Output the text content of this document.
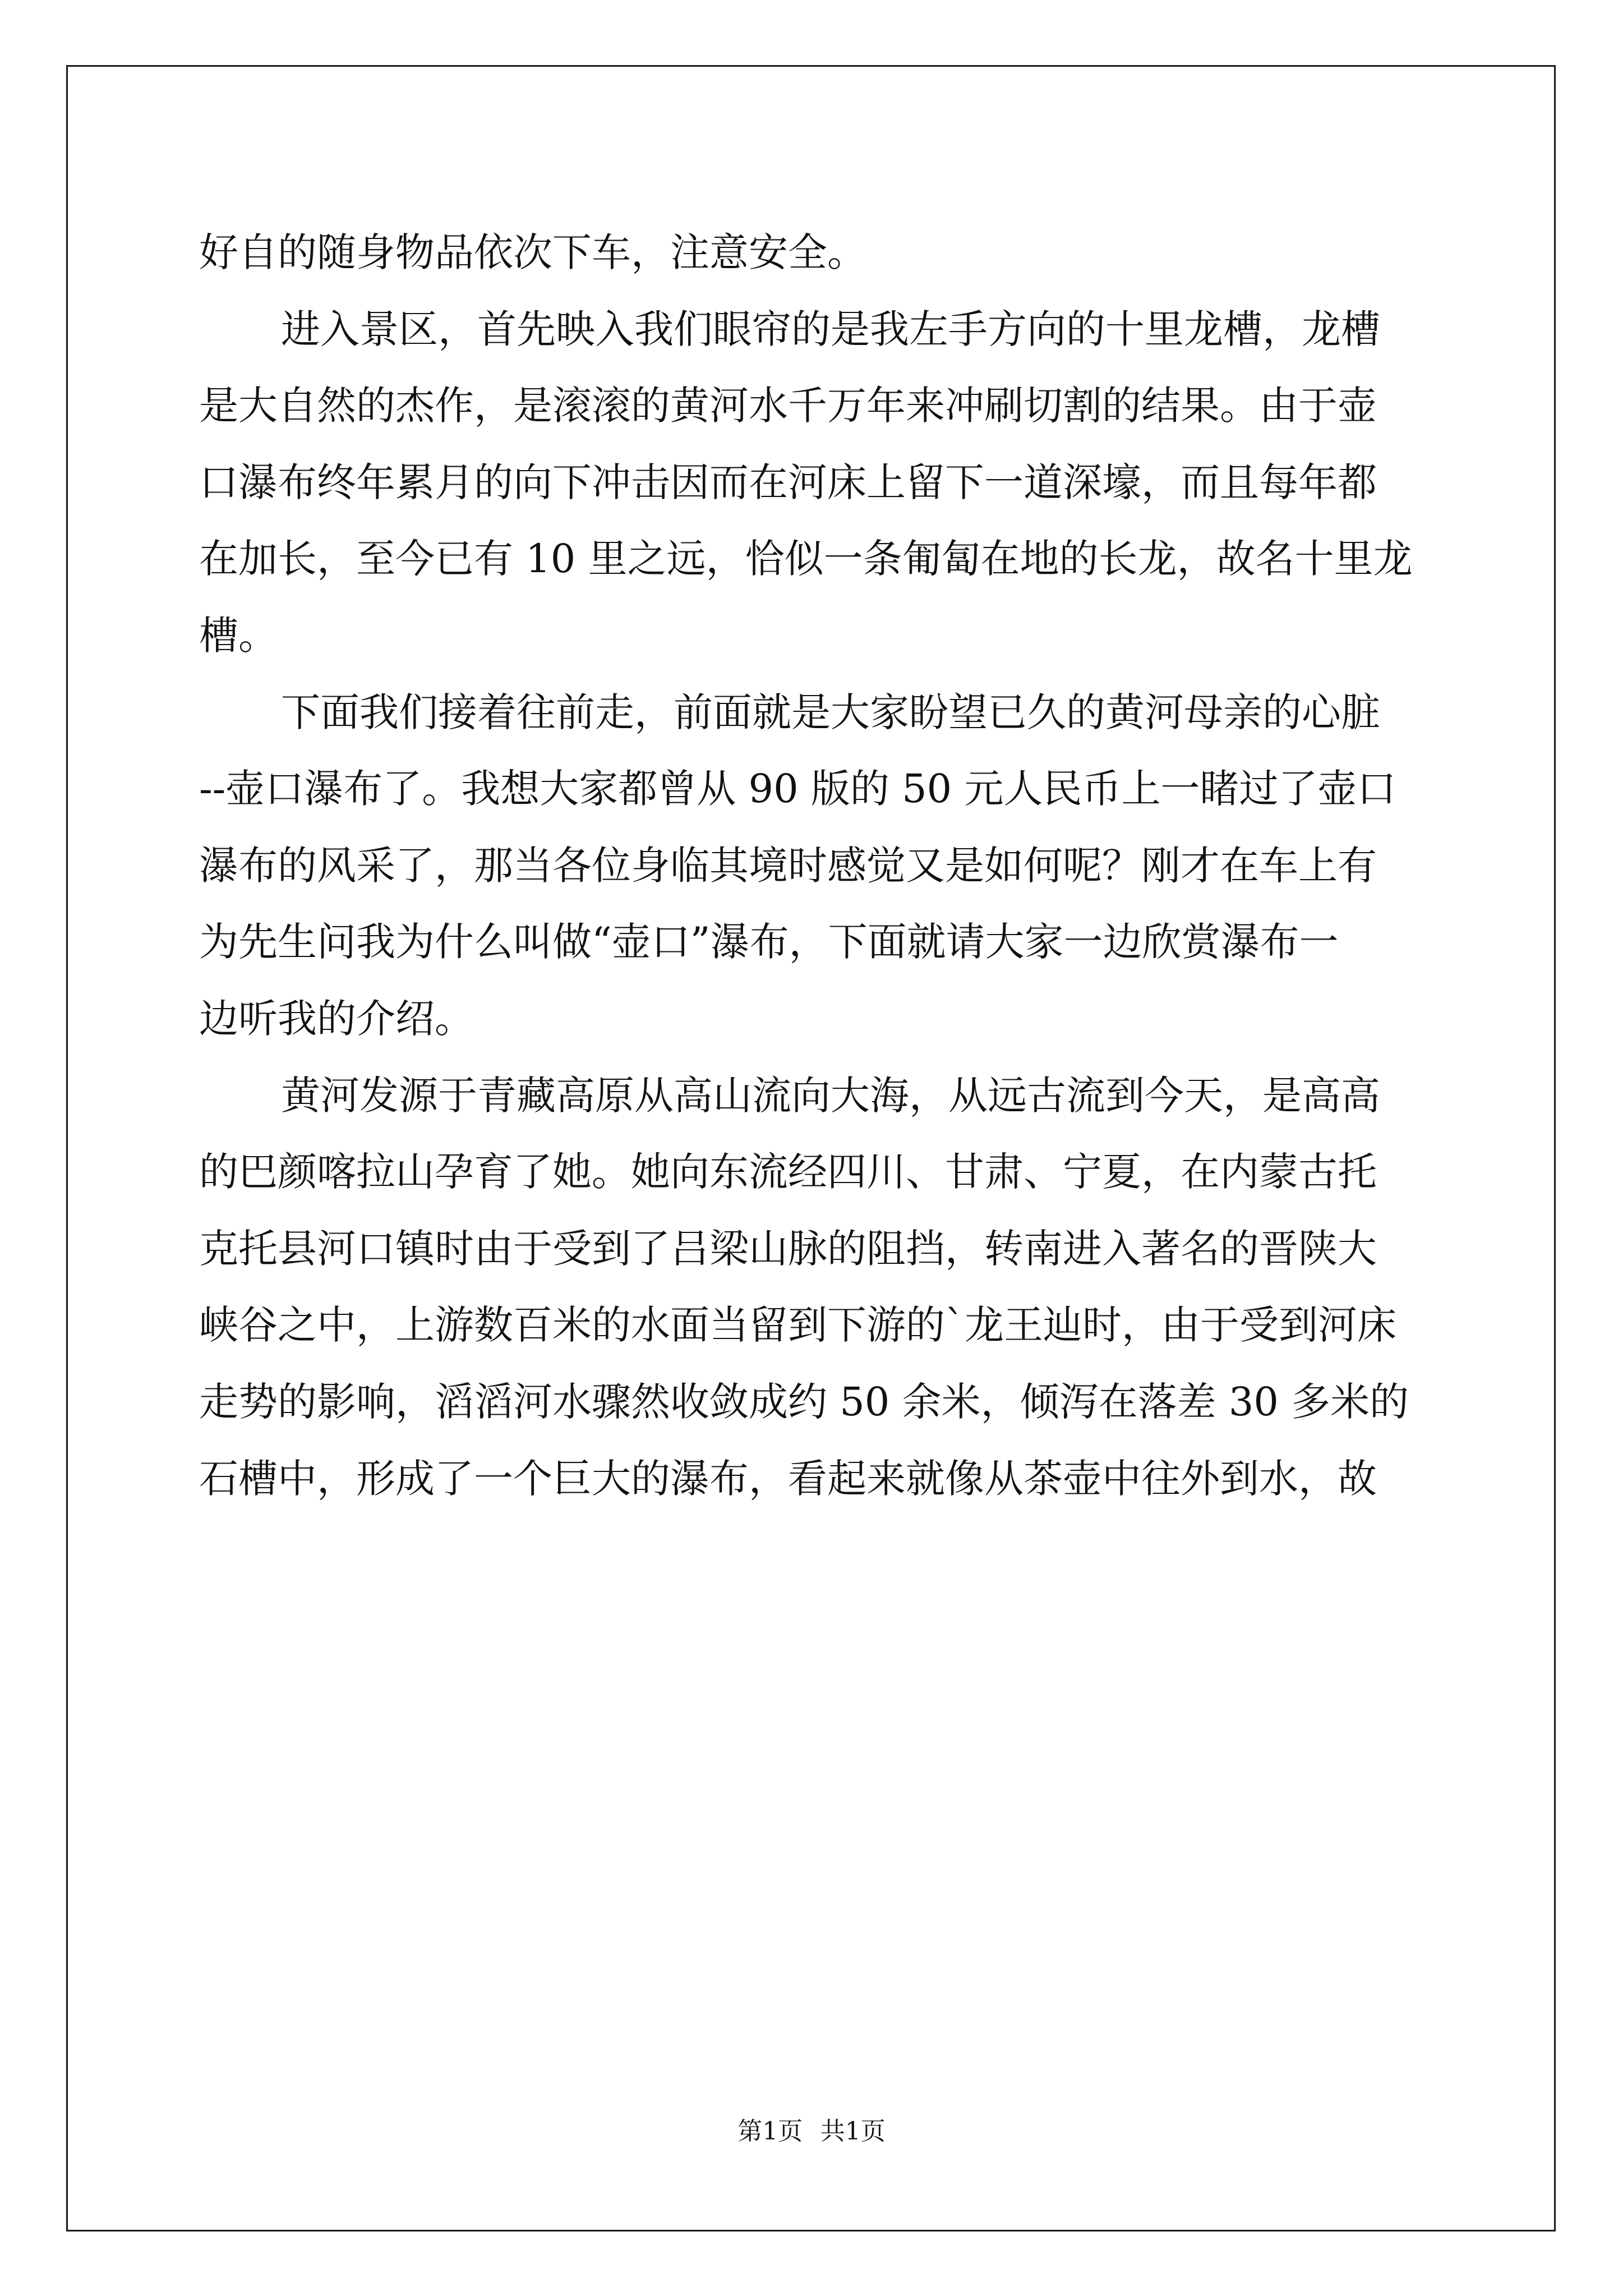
好自的随身物品依次下车，注意安全。
进入景区，首先映入我们眼帘的是我左手方向的十里龙槽，龙槽
是大自然的杰作，是滚滚的黄河水千万年来冲刷切割的结果。由于壶
口瀑布终年累月的向下冲击因而在河床上留下一道深壕，而且每年都
在加长，至今已有 10 里之远，恰似一条匍匐在地的长龙，故名十里龙
槽。
下面我们接着往前走，前面就是大家盼望已久的黄河母亲的心脏
--壶口瀑布了。我想大家都曾从 90 版的 50 元人民币上一睹过了壶口
瀑布的风采了，那当各位身临其境时感觉又是如何呢？刚才在车上有
为先生问我为什么叫做“壶口”瀑布，下面就请大家一边欣赏瀑布一
边听我的介绍。
黄河发源于青藏高原从高山流向大海，从远古流到今天，是高高
的巴颜喀拉山孕育了她。她向东流经四川、甘肃、宁夏，在内蒙古托
克托县河口镇时由于受到了吕梁山脉的阻挡，转南进入著名的晋陕大
峡谷之中，上游数百米的水面当留到下游的`龙王辿时，由于受到河床
走势的影响，滔滔河水骤然收敛成约 50 余米，倾泻在落差 30 多米的
石槽中，形成了一个巨大的瀑布，看起来就像从茶壶中往外到水，故
第1页 共1页
